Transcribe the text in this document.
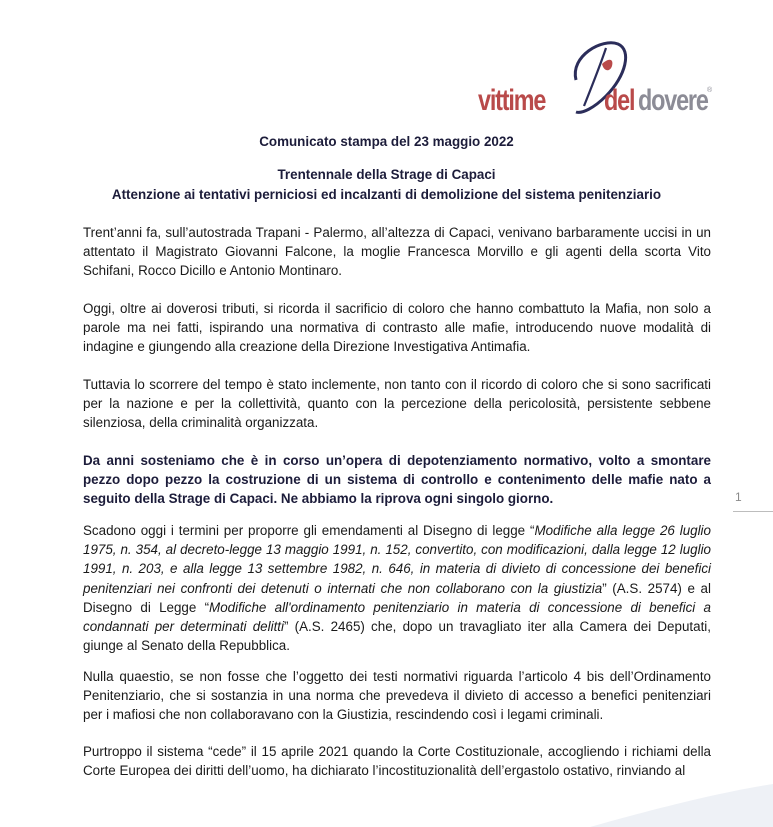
vittime del dovere ®
Comunicato stampa del 23 maggio 2022
Trentennale della Strage di Capaci
Attenzione ai tentativi perniciosi ed incalzanti di demolizione del sistema penitenziario
Trent’anni fa, sull’autostrada Trapani - Palermo, all’altezza di Capaci, venivano barbaramente uccisi in un attentato il Magistrato Giovanni Falcone, la moglie Francesca Morvillo e gli agenti della scorta Vito Schifani, Rocco Dicillo e Antonio Montinaro.
Oggi, oltre ai doverosi tributi, si ricorda il sacrificio di coloro che hanno combattuto la Mafia, non solo a parole ma nei fatti, ispirando una normativa di contrasto alle mafie, introducendo nuove modalità di indagine e giungendo alla creazione della Direzione Investigativa Antimafia.
Tuttavia lo scorrere del tempo è stato inclemente, non tanto con il ricordo di coloro che si sono sacrificati per la nazione e per la collettività, quanto con la percezione della pericolosità, persistente sebbene silenziosa, della criminalità organizzata.
Da anni sosteniamo che è in corso un’opera di depotenziamento normativo, volto a smontare pezzo dopo pezzo la costruzione di un sistema di controllo e contenimento delle mafie nato a seguito della Strage di Capaci. Ne abbiamo la riprova ogni singolo giorno.
Scadono oggi i termini per proporre gli emendamenti al Disegno di legge “Modifiche alla legge 26 luglio 1975, n. 354, al decreto-legge 13 maggio 1991, n. 152, convertito, con modificazioni, dalla legge 12 luglio 1991, n. 203, e alla legge 13 settembre 1982, n. 646, in materia di divieto di concessione dei benefici penitenziari nei confronti dei detenuti o internati che non collaborano con la giustizia” (A.S. 2574) e al Disegno di Legge “Modifiche all'ordinamento penitenziario in materia di concessione di benefici a condannati per determinati delitti” (A.S. 2465) che, dopo un travagliato iter alla Camera dei Deputati, giunge al Senato della Repubblica.
Nulla quaestio, se non fosse che l’oggetto dei testi normativi riguarda l’articolo 4 bis dell’Ordinamento Penitenziario, che si sostanzia in una norma che prevedeva il divieto di accesso a benefici penitenziari per i mafiosi che non collaboravano con la Giustizia, rescindendo così i legami criminali.
Purtroppo il sistema “cede” il 15 aprile 2021 quando la Corte Costituzionale, accogliendo i richiami della Corte Europea dei diritti dell’uomo, ha dichiarato l’incostituzionalità dell’ergastolo ostativo, rinviando al
1
